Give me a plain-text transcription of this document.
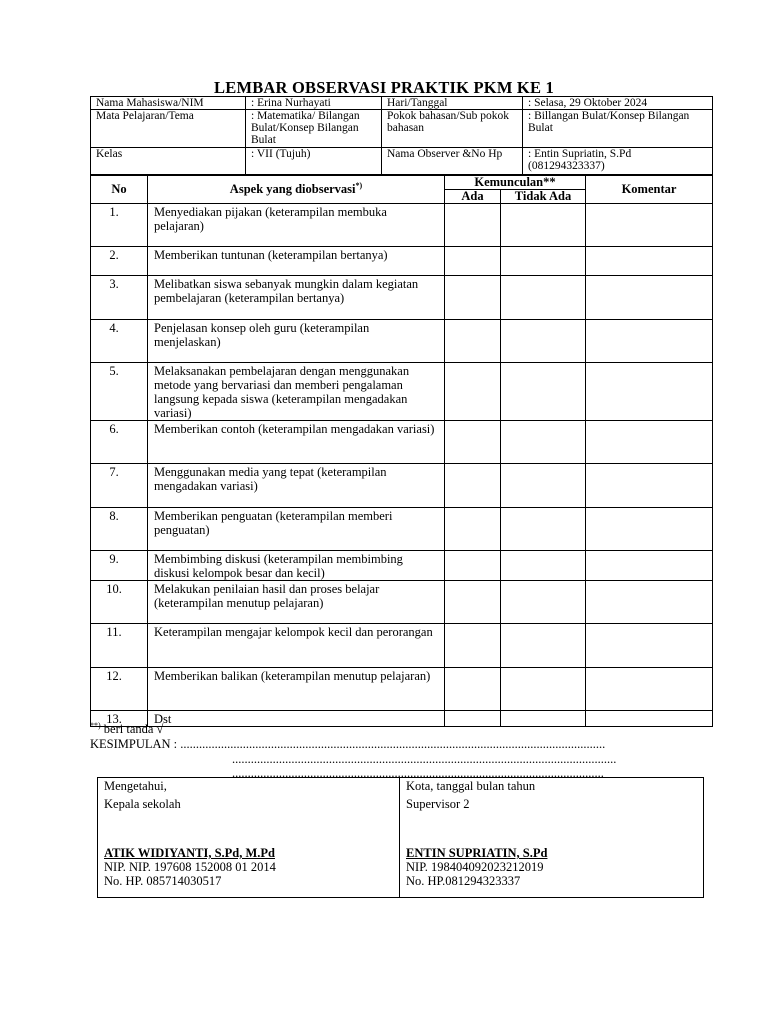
LEMBAR OBSERVASI PRAKTIK PKM KE 1
Nama Mahasiswa/NIM	: Erina Nurhayati	Hari/Tanggal	: Selasa, 29 Oktober 2024
Mata Pelajaran/Tema	: Matematika/ Bilangan Bulat/Konsep Bilangan Bulat	Pokok bahasan/Sub pokok bahasan	: Billangan Bulat/Konsep Bilangan Bulat
Kelas	: VII (Tujuh)	Nama Observer &No Hp	: Entin Supriatin, S.Pd (081294323337)
No	Aspek yang diobservasi*)	Kemunculan**		Komentar
		Ada	Tidak Ada	
1.	Menyediakan pijakan (keterampilan membuka pelajaran)			
2.	Memberikan tuntunan (keterampilan bertanya)			
3.	Melibatkan siswa sebanyak mungkin dalam kegiatan pembelajaran (keterampilan bertanya)			
4.	Penjelasan konsep oleh guru (keterampilan menjelaskan)			
5.	Melaksanakan pembelajaran dengan menggunakan metode yang bervariasi dan memberi pengalaman langsung kepada siswa (keterampilan mengadakan variasi)			
6.	Memberikan contoh (keterampilan mengadakan variasi)			
7.	Menggunakan media yang tepat (keterampilan mengadakan variasi)			
8.	Memberikan penguatan (keterampilan memberi penguatan)			
9.	Membimbing diskusi (keterampilan membimbing diskusi kelompok besar dan kecil)			
10.	Melakukan penilaian hasil dan proses belajar (keterampilan menutup pelajaran)			
11.	Keterampilan mengajar kelompok kecil dan perorangan			
12.	Memberikan balikan (keterampilan menutup pelajaran)			
13.	Dst			
**) beri tanda √
KESIMPULAN : ........................................................................................................................................
...........................................................................................................................
.......................................................................................................................
Mengetahui,
Kepala sekolah
ATIK WIDIYANTI, S.Pd, M.Pd
NIP. NIP. 197608 152008 01 2014
No. HP. 085714030517

Kota, tanggal bulan tahun
Supervisor 2
ENTIN SUPRIATIN, S.Pd
NIP. 198404092023212019
No. HP.081294323337
